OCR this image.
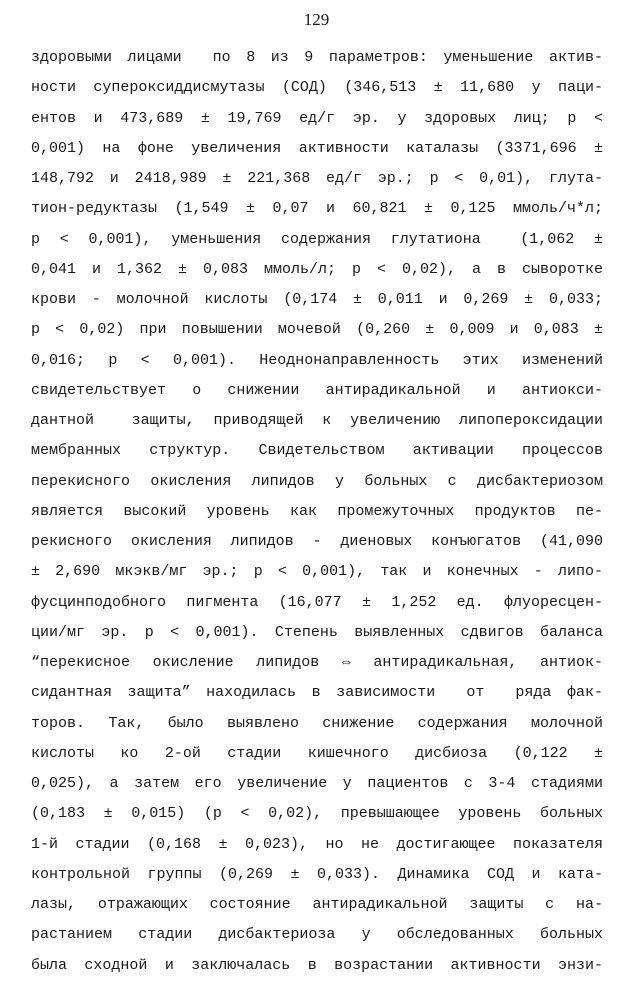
129
здоровыми лицами  по 8 из 9 параметров: уменьшение актив-
ности супероксиддисмутазы (СОД) (346,513 ± 11,680 у паци-
ентов и 473,689 ± 19,769 ед/г эр. у здоровых лиц; р <
0,001) на фоне увеличения активности каталазы (3371,696 ±
148,792 и 2418,989 ± 221,368 ед/г эр.; р < 0,01), глута-
тион-редуктазы (1,549 ± 0,07 и 60,821 ± 0,125 ммоль/ч*л;
р < 0,001), уменьшения содержания глутатиона  (1,062 ±
0,041 и 1,362 ± 0,083 ммоль/л; р < 0,02), а в сыворотке
крови - молочной кислоты (0,174 ± 0,011 и 0,269 ± 0,033;
р < 0,02) при повышении мочевой (0,260 ± 0,009 и 0,083 ±
0,016; р < 0,001). Неоднонаправленность этих изменений
свидетельствует о снижении антирадикальной и антиокси-
дантной  защиты, приводящей к увеличению липопероксидации
мембранных структур. Свидетельством активации процессов
перекисного окисления липидов у больных с дисбактериозом
является высокий уровень как промежуточных продуктов пе-
рекисного окисления липидов - диеновых конъюгатов (41,090
± 2,690 мкэкв/мг эр.; р < 0,001), так и конечных - липо-
фусцинподобного пигмента (16,077 ± 1,252 ед. флуоресцен-
ции/мг эр. р < 0,001). Степень выявленных сдвигов баланса
“перекисное окисление липидов ⇔ антирадикальная, антиок-
сидантная защита” находилась в зависимости  от  ряда фак-
торов. Так, было выявлено снижение содержания молочной
кислоты ко 2-ой стадии кишечного дисбиоза (0,122 ±
0,025), а затем его увеличение у пациентов с 3-4 стадиями
(0,183 ± 0,015) (р < 0,02), превышающее уровень больных
1-й стадии (0,168 ± 0,023), но не достигающее показателя
контрольной группы (0,269 ± 0,033). Динамика СОД и ката-
лазы, отражающих состояние антирадикальной защиты с на-
растанием стадии дисбактериоза у обследованных больных
была сходной и заключалась в возрастании активности энзи-
